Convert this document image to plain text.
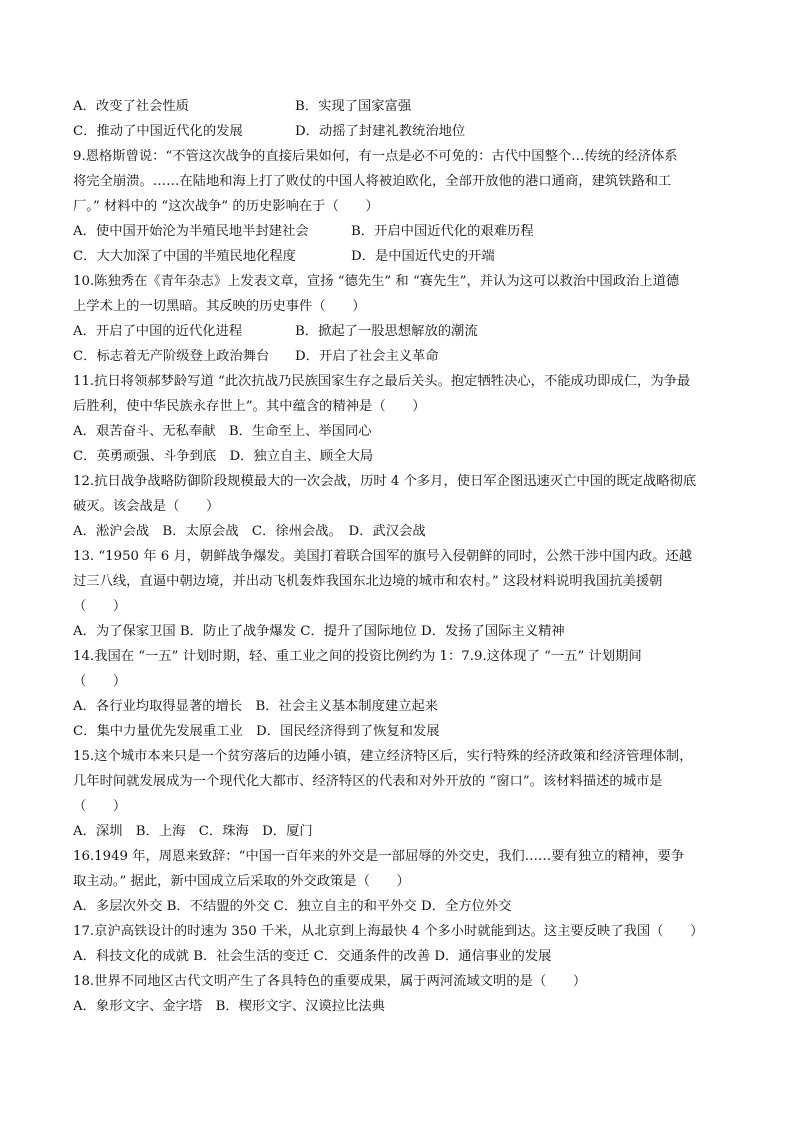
A．改变了社会性质	B．实现了国家富强
C．推动了中国近代化的发展	D．动摇了封建礼教统治地位
9.恩格斯曾说：“不管这次战争的直接后果如何，有一点是必不可免的：古代中国整个…传统的经济体系
将完全崩溃。……在陆地和海上打了败仗的中国人将被迫欧化，全部开放他的港口通商，建筑铁路和工
厂。” 材料中的 “这次战争” 的历史影响在于（　　）
A．使中国开始沦为半殖民地半封建社会	B．开启中国近代化的艰难历程
C．大大加深了中国的半殖民地化程度	D．是中国近代史的开端
10.陈独秀在《青年杂志》上发表文章，宣扬 “德先生” 和 “赛先生”，并认为这可以救治中国政治上道德
上学术上的一切黑暗。其反映的历史事件（　　）
A．开启了中国的近代化进程	B．掀起了一股思想解放的潮流
C．标志着无产阶级登上政治舞台	D．开启了社会主义革命
11.抗日将领郝梦龄写道 “此次抗战乃民族国家生存之最后关头。抱定牺牲决心，不能成功即成仁，为争最
后胜利，使中华民族永存世上”。其中蕴含的精神是（　　）
A．艰苦奋斗、无私奉献　B．生命至上、举国同心
C．英勇顽强、斗争到底　D．独立自主、顾全大局
12.抗日战争战略防御阶段规模最大的一次会战，历时 4 个多月，使日军企图迅速灭亡中国的既定战略彻底
破灭。该会战是（　　）
A．淞沪会战　B．太原会战　C．徐州会战。　D．武汉会战
13. “1950 年 6 月，朝鲜战争爆发。美国打着联合国军的旗号入侵朝鲜的同时，公然干涉中国内政。还越
过三八线，直逼中朝边境，并出动飞机轰炸我国东北边境的城市和农村。” 这段材料说明我国抗美援朝
（　　）
A．为了保家卫国 B．防止了战争爆发 C．提升了国际地位 D．发扬了国际主义精神
14.我国在 “一五” 计划时期，轻、重工业之间的投资比例约为 1：7.9.这体现了 “一五” 计划期间
（　　）
A．各行业均取得显著的增长　B．社会主义基本制度建立起来
C．集中力量优先发展重工业　D．国民经济得到了恢复和发展
15.这个城市本来只是一个贫穷落后的边陲小镇，建立经济特区后，实行特殊的经济政策和经济管理体制，
几年时间就发展成为一个现代化大都市、经济特区的代表和对外开放的 “窗口”。该材料描述的城市是
（　　）
A．深圳　B．上海　C．珠海　D．厦门
16.1949 年，周恩来致辞：“中国一百年来的外交是一部屈辱的外交史，我们……要有独立的精神，要争
取主动。” 据此，新中国成立后采取的外交政策是（　　）
A．多层次外交 B．不结盟的外交 C．独立自主的和平外交 D．全方位外交
17.京沪高铁设计的时速为 350 千米，从北京到上海最快 4 个多小时就能到达。这主要反映了我国（　　）
A．科技文化的成就 B．社会生活的变迁 C．交通条件的改善 D．通信事业的发展
18.世界不同地区古代文明产生了各具特色的重要成果，属于两河流域文明的是（　　）
A．象形文字、金字塔　B．楔形文字、汉谟拉比法典
